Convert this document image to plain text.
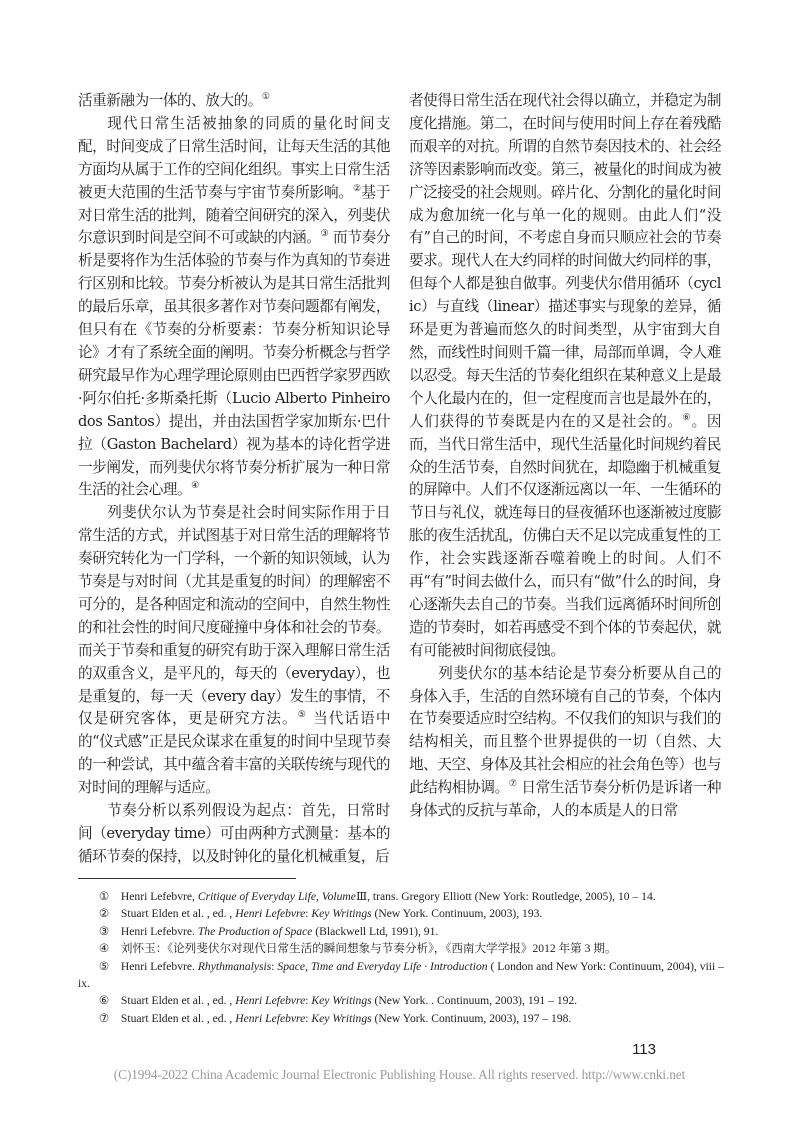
活重新融为一体的、放大的。①

现代日常生活被抽象的同质的量化时间支配，时间变成了日常生活时间，让每天生活的其他方面均从属于工作的空间化组织。事实上日常生活被更大范围的生活节奏与宇宙节奏所影响。②基于对日常生活的批判，随着空间研究的深入，列斐伏尔意识到时间是空间不可或缺的内涵。③ 而节奏分析是要将作为生活体验的节奏与作为真知的节奏进行区别和比较。节奏分析被认为是其日常生活批判的最后乐章，虽其很多著作对节奏问题都有阐发，但只有在《节奏的分析要素：节奏分析知识论导论》才有了系统全面的阐明。节奏分析概念与哲学研究最早作为心理学理论原则由巴西哲学家罗西欧·阿尔伯托·多斯桑托斯（Lucio Alberto Pinheiro dos Santos）提出，并由法国哲学家加斯东·巴什拉（Gaston Bachelard）视为基本的诗化哲学进一步阐发，而列斐伏尔将节奏分析扩展为一种日常生活的社会心理。④

列斐伏尔认为节奏是社会时间实际作用于日常生活的方式，并试图基于对日常生活的理解将节奏研究转化为一门学科，一个新的知识领域，认为节奏是与对时间（尤其是重复的时间）的理解密不可分的，是各种固定和流动的空间中，自然生物性的和社会性的时间尺度碰撞中身体和社会的节奏。而关于节奏和重复的研究有助于深入理解日常生活的双重含义，是平凡的，每天的（everyday），也是重复的，每一天（every day）发生的事情，不仅是研究客体，更是研究方法。⑤ 当代话语中的“仪式感”正是民众谋求在重复的时间中呈现节奏的一种尝试，其中蕴含着丰富的关联传统与现代的对时间的理解与适应。

节奏分析以系列假设为起点：首先，日常时间（everyday time）可由两种方式测量：基本的循环节奏的保持，以及时钟化的量化机械重复，后

者使得日常生活在现代社会得以确立，并稳定为制度化措施。第二，在时间与使用时间上存在着残酷而艰辛的对抗。所谓的自然节奏因技术的、社会经济等因素影响而改变。第三，被量化的时间成为被广泛接受的社会规则。碎片化、分割化的量化时间成为愈加统一化与单一化的规则。由此人们“没有”自己的时间，不考虑自身而只顺应社会的节奏要求。现代人在大约同样的时间做大约同样的事，但每个人都是独自做事。列斐伏尔借用循环（cyclic）与直线（linear）描述事实与现象的差异，循环是更为普遍而悠久的时间类型，从宇宙到大自然，而线性时间则千篇一律，局部而单调，令人难以忍受。每天生活的节奏化组织在某种意义上是最个人化最内在的，但一定程度而言也是最外在的，人们获得的节奏既是内在的又是社会的。⑥。因而，当代日常生活中，现代生活量化时间规约着民众的生活节奏，自然时间犹在，却隐幽于机械重复的屏障中。人们不仅逐渐远离以一年、一生循环的节日与礼仪，就连每日的昼夜循环也逐渐被过度膨胀的夜生活扰乱，仿佛白天不足以完成重复性的工作，社会实践逐渐吞噬着晚上的时间。人们不再“有”时间去做什么，而只有“做”什么的时间，身心逐渐失去自己的节奏。当我们远离循环时间所创造的节奏时，如若再感受不到个体的节奏起伏，就有可能被时间彻底侵蚀。

列斐伏尔的基本结论是节奏分析要从自己的身体入手，生活的自然环境有自己的节奏，个体内在节奏要适应时空结构。不仅我们的知识与我们的结构相关，而且整个世界提供的一切（自然、大地、天空、身体及其社会相应的社会角色等）也与此结构相协调。⑦ 日常生活节奏分析仍是诉诸一种身体式的反抗与革命，人的本质是人的日常

① Henri Lefebvre, Critique of Everyday Life, VolumeⅢ, trans. Gregory Elliott (New York: Routledge, 2005), 10 – 14.
② Stuart Elden et al. , ed. , Henri Lefebvre: Key Writings (New York. Continuum, 2003), 193.
③ Henri Lefebvre. The Production of Space (Blackwell Ltd, 1991), 91.
④ 刘怀玉：《论列斐伏尔对现代日常生活的瞬间想象与节奏分析》，《西南大学学报》2012 年第 3 期。
⑤ Henri Lefebvre. Rhythmanalysis: Space, Time and Everyday Life · Introduction ( London and New York: Continuum, 2004), viii – ix.
⑥ Stuart Elden et al. , ed. , Henri Lefebvre: Key Writings (New York. . Continuum, 2003), 191 – 192.
⑦ Stuart Elden et al. , ed. , Henri Lefebvre: Key Writings (New York. Continuum, 2003), 197 – 198.
113
(C)1994-2022 China Academic Journal Electronic Publishing House. All rights reserved. http://www.cnki.net
